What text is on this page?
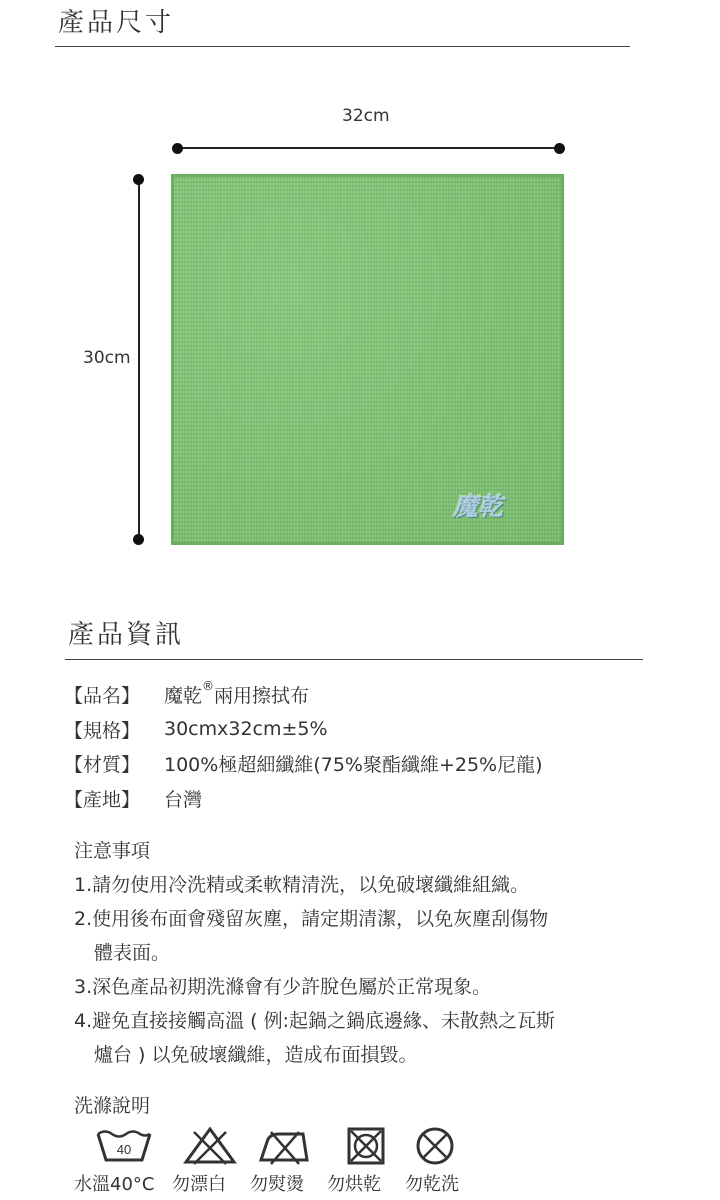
產品尺寸
32cm
30cm
魔乾
產品資訊
【品名】	魔乾®兩用擦拭布
【規格】	30cmx32cm±5%
【材質】	100%極超細纖維(75%聚酯纖維+25%尼龍)
【產地】	台灣
注意事項
1.請勿使用冷洗精或柔軟精清洗，以免破壞纖維組織。
2.使用後布面會殘留灰塵，請定期清潔，以免灰塵刮傷物
體表面。
3.深色產品初期洗滌會有少許脫色屬於正常現象。
4.避免直接接觸高溫 ( 例:起鍋之鍋底邊緣、未散熱之瓦斯
爐台 ) 以免破壞纖維，造成布面損毀。
洗滌說明
40
水溫40°C 勿漂白 勿熨燙 勿烘乾 勿乾洗
